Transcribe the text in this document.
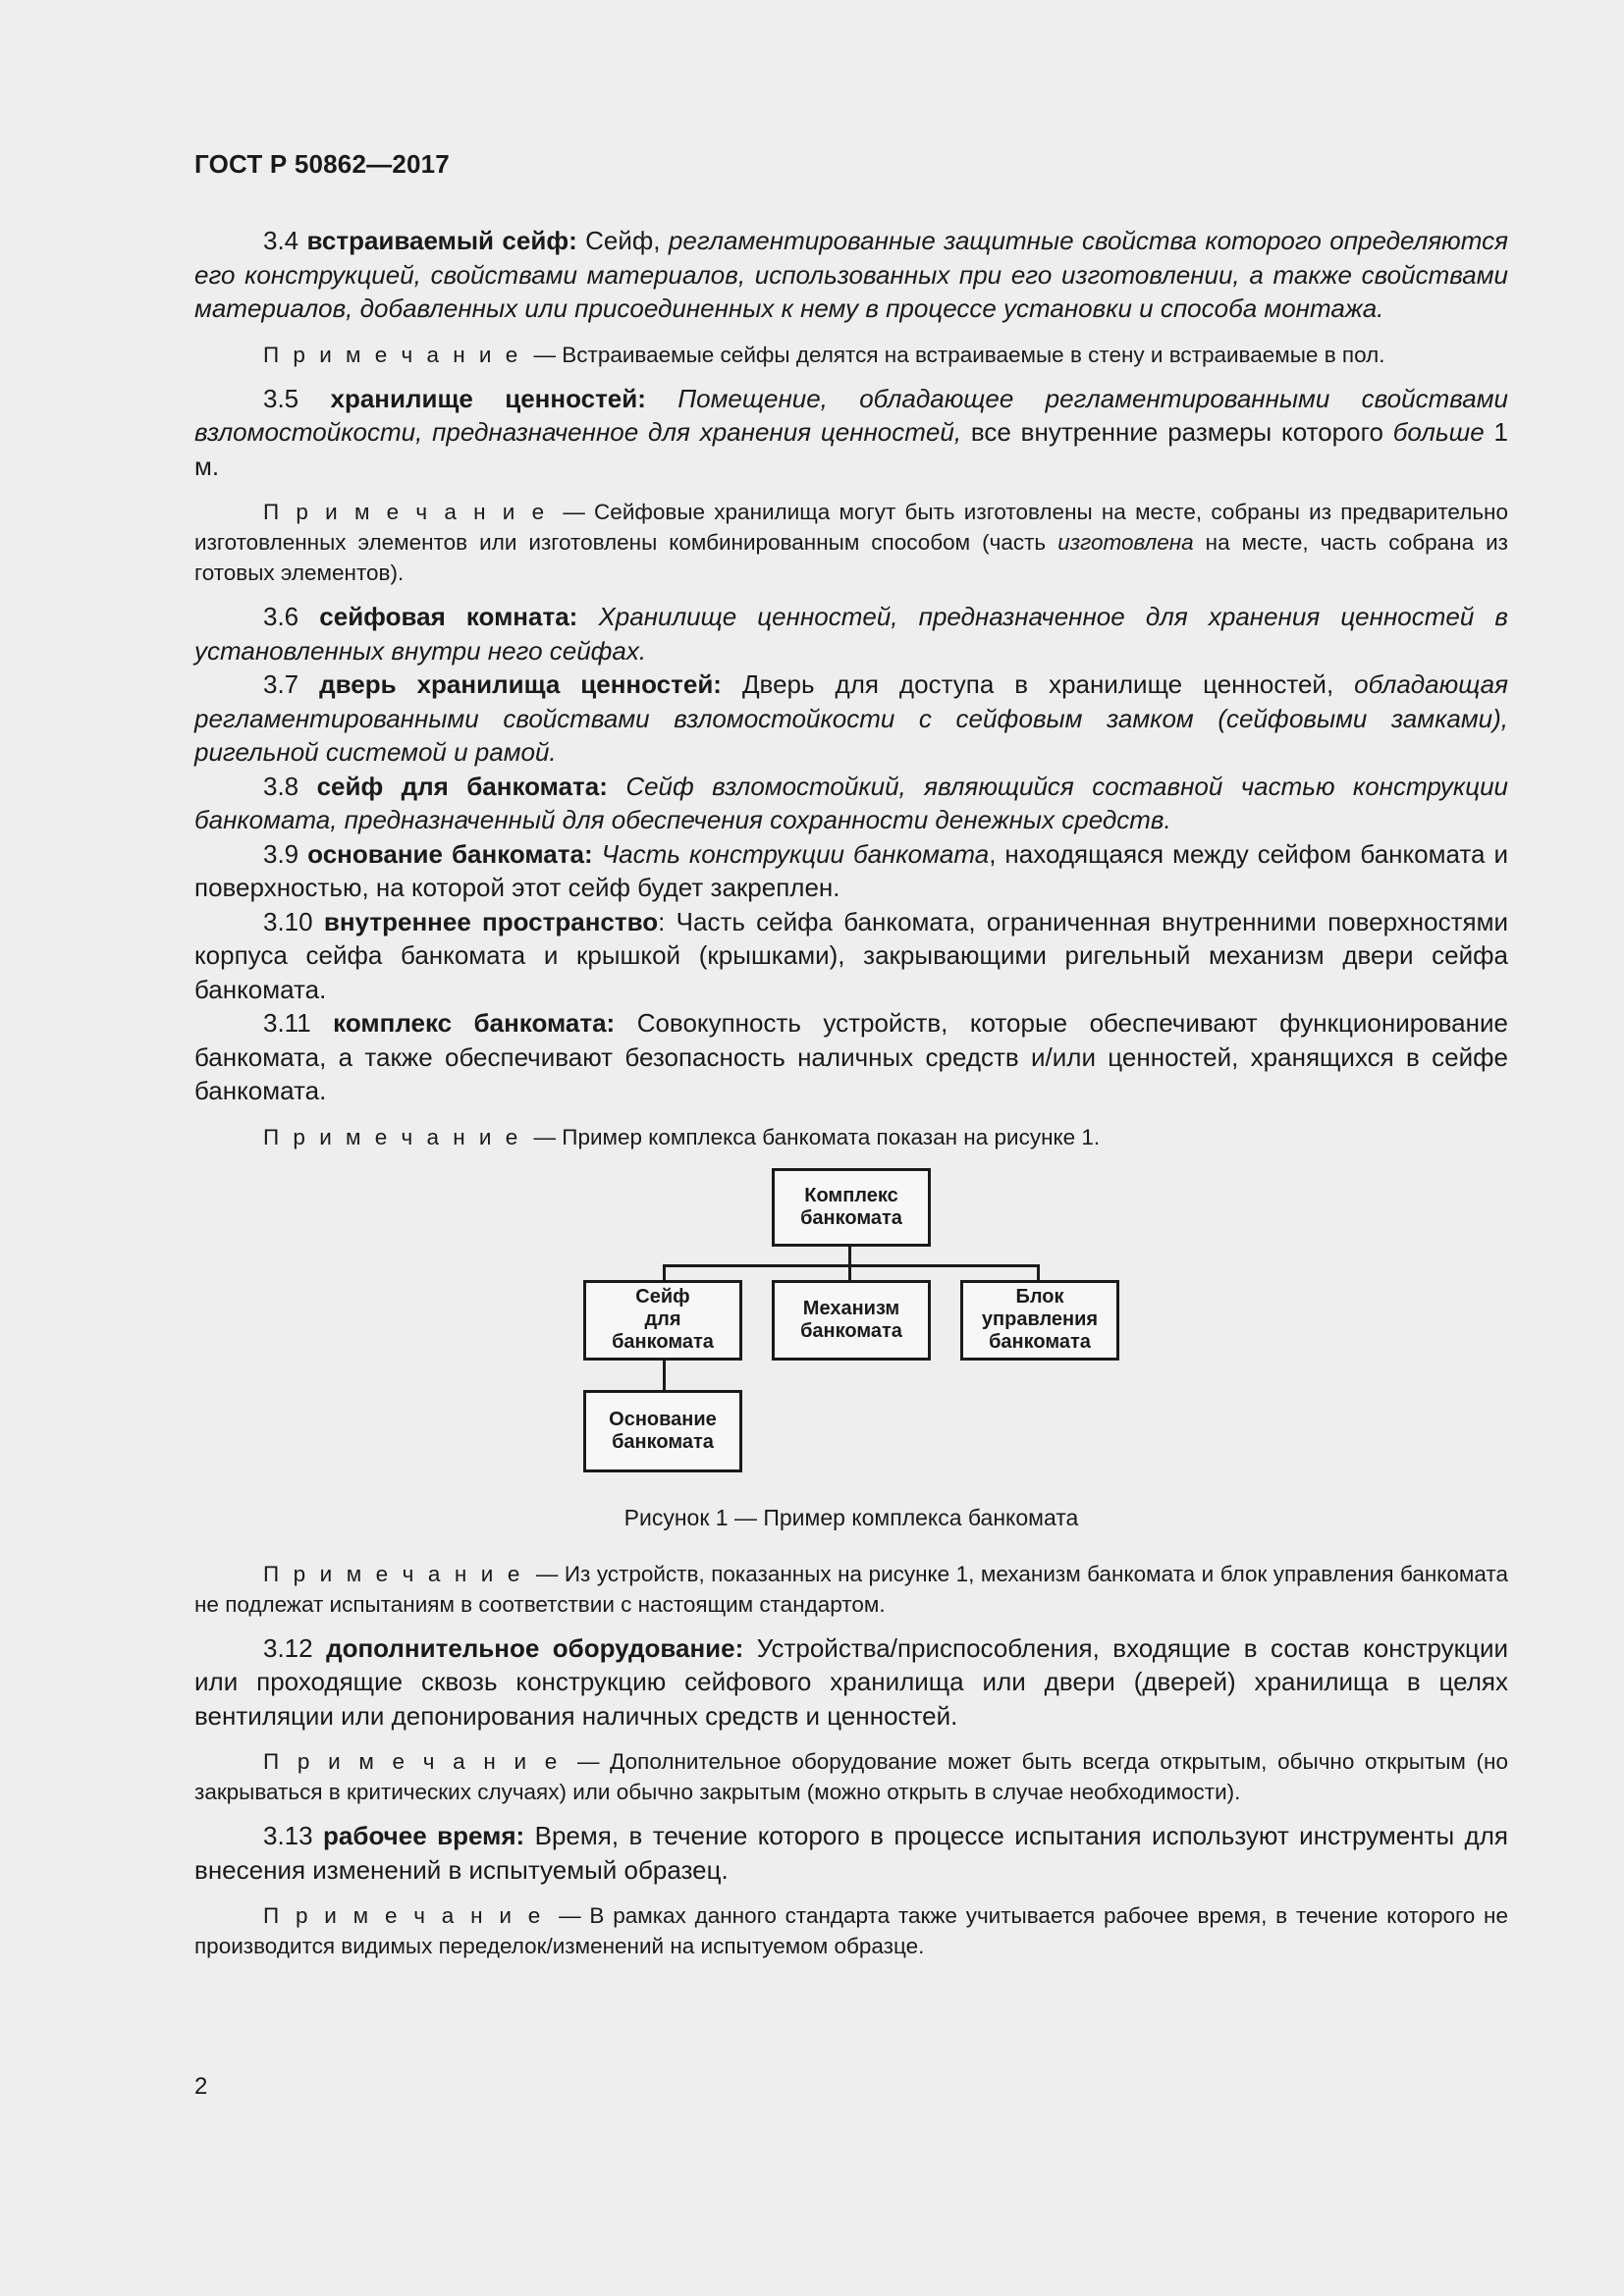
ГОСТ Р 50862—2017

3.4 встраиваемый сейф: Сейф, регламентированные защитные свойства которого определяются его конструкцией, свойствами материалов, использованных при его изготовлении, а также свойствами материалов, добавленных или присоединенных к нему в процессе установки и способа монтажа.

П р и м е ч а н и е — Встраиваемые сейфы делятся на встраиваемые в стену и встраиваемые в пол.

3.5 хранилище ценностей: Помещение, обладающее регламентированными свойствами взломостойкости, предназначенное для хранения ценностей, все внутренние размеры которого больше 1 м.

П р и м е ч а н и е — Сейфовые хранилища могут быть изготовлены на месте, собраны из предварительно изготовленных элементов или изготовлены комбинированным способом (часть изготовлена на месте, часть собрана из готовых элементов).

3.6 сейфовая комната: Хранилище ценностей, предназначенное для хранения ценностей в установленных внутри него сейфах.

3.7 дверь хранилища ценностей: Дверь для доступа в хранилище ценностей, обладающая регламентированными свойствами взломостойкости с сейфовым замком (сейфовыми замками), ригельной системой и рамой.

3.8 сейф для банкомата: Сейф взломостойкий, являющийся составной частью конструкции банкомата, предназначенный для обеспечения сохранности денежных средств.

3.9 основание банкомата: Часть конструкции банкомата, находящаяся между сейфом банкомата и поверхностью, на которой этот сейф будет закреплен.

3.10 внутреннее пространство: Часть сейфа банкомата, ограниченная внутренними поверхностями корпуса сейфа банкомата и крышкой (крышками), закрывающими ригельный механизм двери сейфа банкомата.

3.11 комплекс банкомата: Совокупность устройств, которые обеспечивают функционирование банкомата, а также обеспечивают безопасность наличных средств и/или ценностей, хранящихся в сейфе банкомата.

П р и м е ч а н и е — Пример комплекса банкомата показан на рисунке 1.

Комплекс
банкомата
Сейф
для
банкомата
Механизм
банкомата
Блок
управления
банкомата
Основание
банкомата
Рисунок 1 — Пример комплекса банкомата

П р и м е ч а н и е — Из устройств, показанных на рисунке 1, механизм банкомата и блок управления банкомата не подлежат испытаниям в соответствии с настоящим стандартом.

3.12 дополнительное оборудование: Устройства/приспособления, входящие в состав конструкции или проходящие сквозь конструкцию сейфового хранилища или двери (дверей) хранилища в целях вентиляции или депонирования наличных средств и ценностей.

П р и м е ч а н и е — Дополнительное оборудование может быть всегда открытым, обычно открытым (но закрываться в критических случаях) или обычно закрытым (можно открыть в случае необходимости).

3.13 рабочее время: Время, в течение которого в процессе испытания используют инструменты для внесения изменений в испытуемый образец.

П р и м е ч а н и е — В рамках данного стандарта также учитывается рабочее время, в течение которого не производится видимых переделок/изменений на испытуемом образце.

2
